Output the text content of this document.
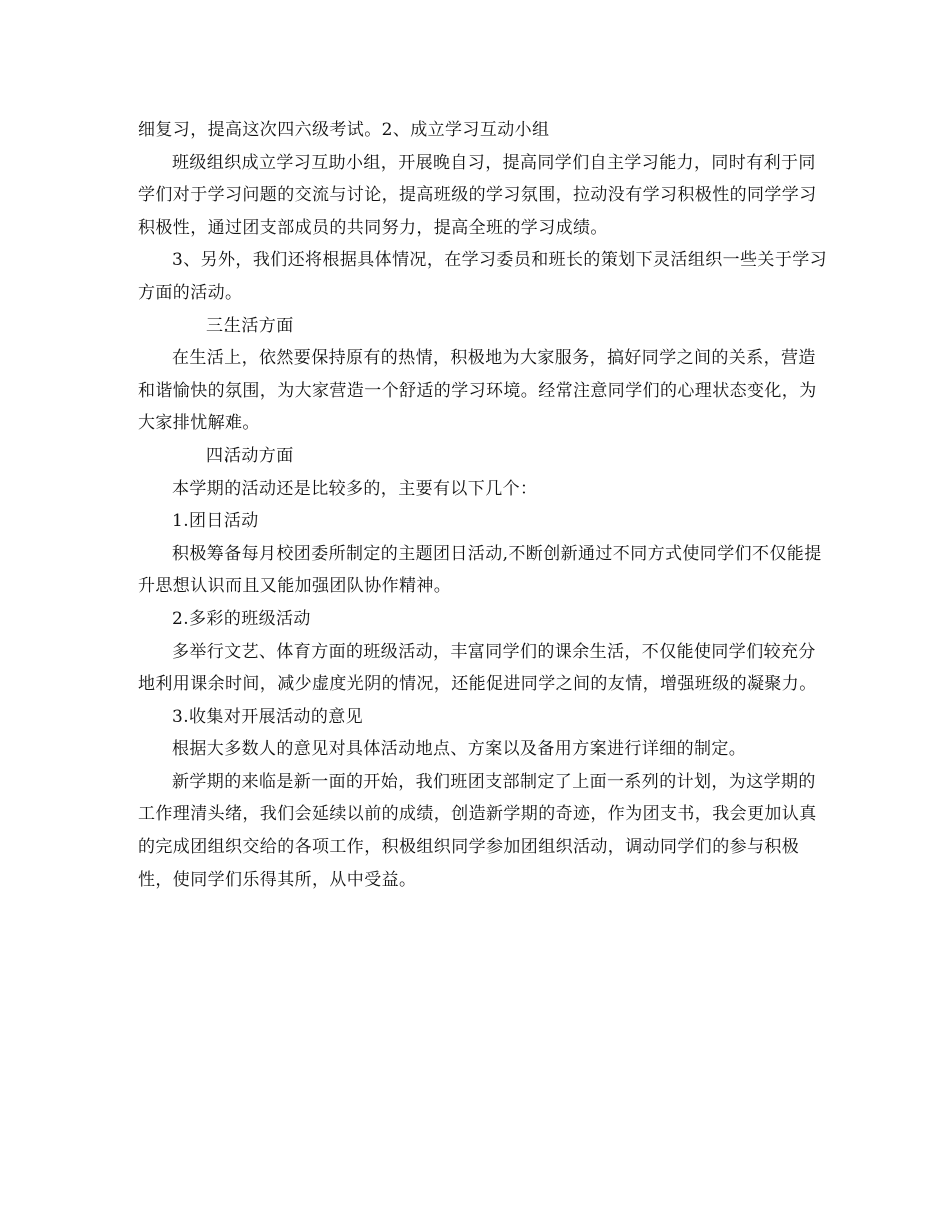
细复习，提高这次四六级考试。2、成立学习互动小组

班级组织成立学习互助小组，开展晚自习，提高同学们自主学习能力，同时有利于同学们对于学习问题的交流与讨论，提高班级的学习氛围，拉动没有学习积极性的同学学习积极性，通过团支部成员的共同努力，提高全班的学习成绩。

3、另外，我们还将根据具体情况，在学习委员和班长的策划下灵活组织一些关于学习方面的活动。

三.生活方面

在生活上，依然要保持原有的热情，积极地为大家服务，搞好同学之间的关系，营造和谐愉快的氛围，为大家营造一个舒适的学习环境。经常注意同学们的心理状态变化，为大家排忧解难。

四.活动方面

本学期的活动还是比较多的，主要有以下几个：

1.团日活动

积极筹备每月校团委所制定的主题团日活动,不断创新通过不同方式使同学们不仅能提升思想认识而且又能加强团队协作精神。

2.多彩的班级活动

多举行文艺、体育方面的班级活动，丰富同学们的课余生活，不仅能使同学们较充分地利用课余时间，减少虚度光阴的情况，还能促进同学之间的友情，增强班级的凝聚力。

3.收集对开展活动的意见

根据大多数人的意见对具体活动地点、方案以及备用方案进行详细的制定。

新学期的来临是新一面的开始，我们班团支部制定了上面一系列的计划，为这学期的工作理清头绪，我们会延续以前的成绩，创造新学期的奇迹，作为团支书，我会更加认真的完成团组织交给的各项工作，积极组织同学参加团组织活动，调动同学们的参与积极性，使同学们乐得其所，从中受益。
